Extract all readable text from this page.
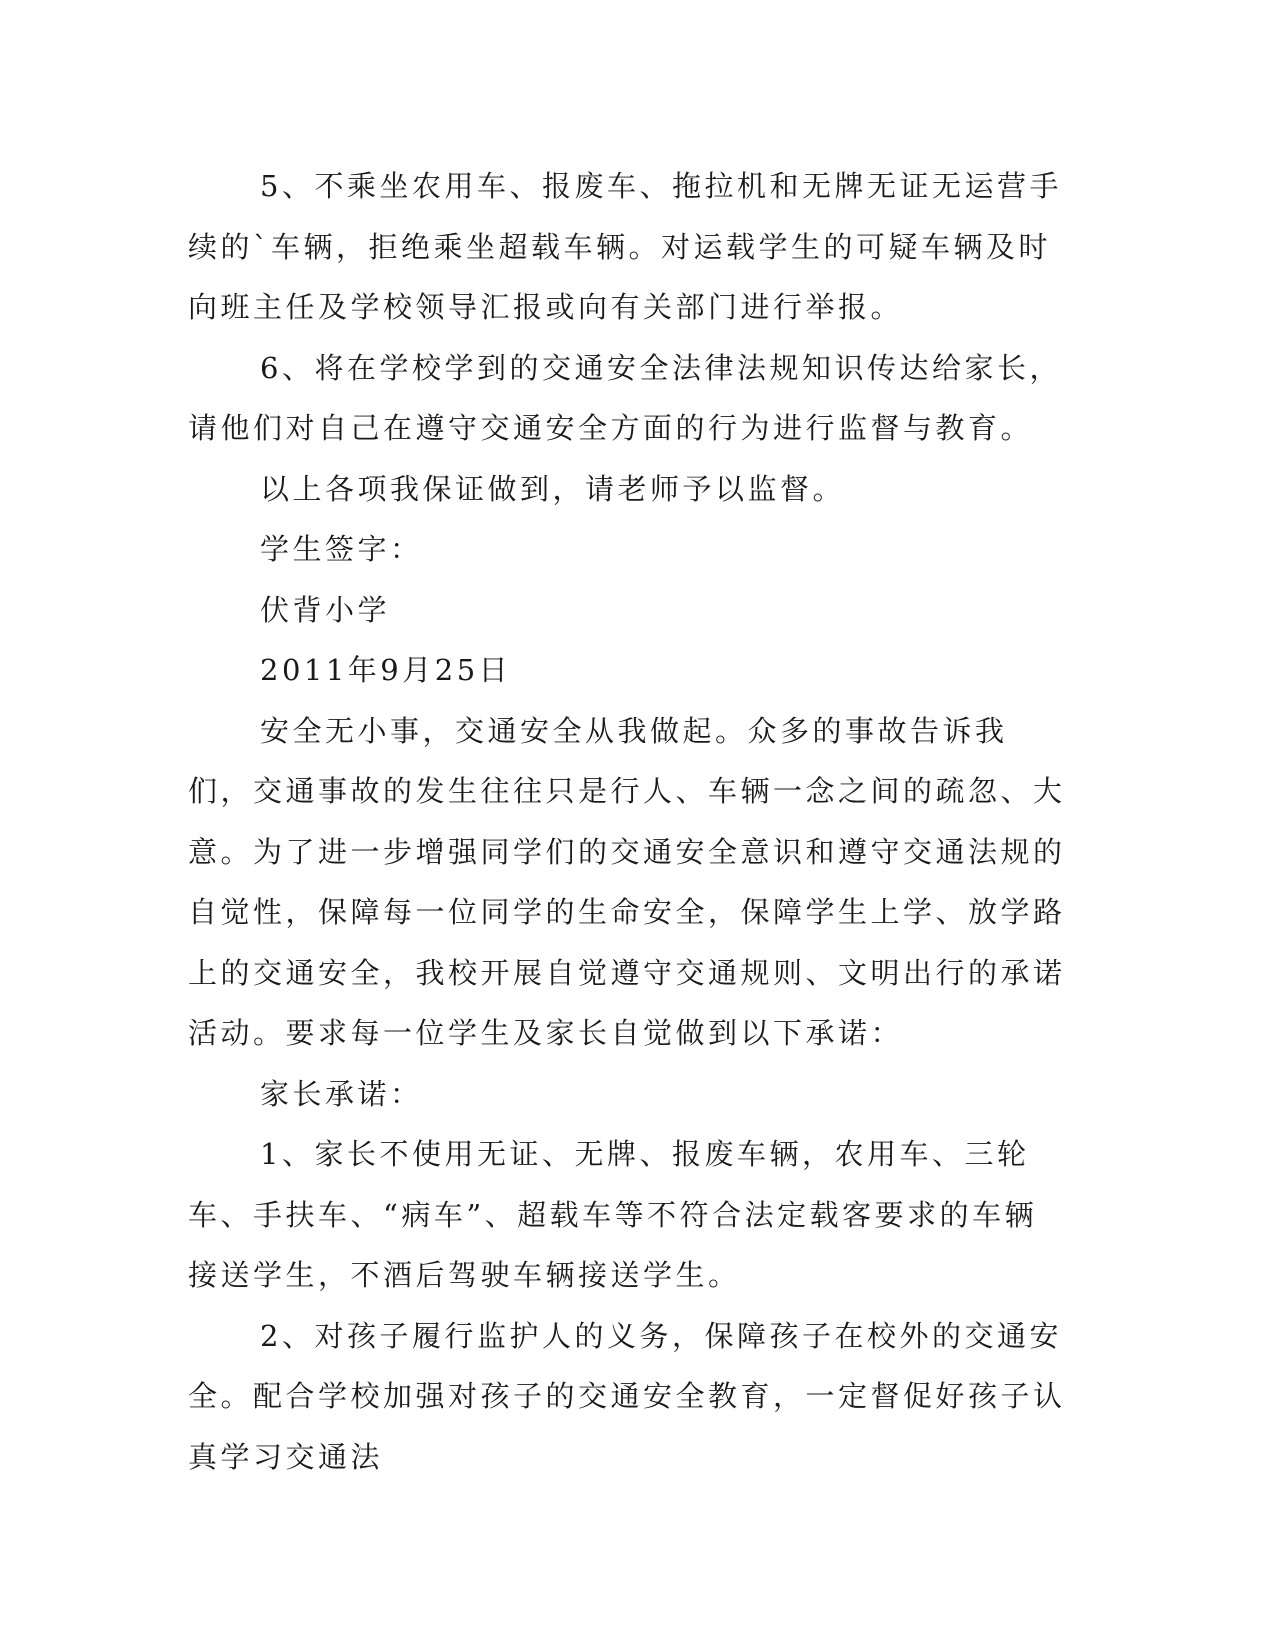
5、不乘坐农用车、报废车、拖拉机和无牌无证无运营手续的`车辆，拒绝乘坐超载车辆。对运载学生的可疑车辆及时向班主任及学校领导汇报或向有关部门进行举报。

6、将在学校学到的交通安全法律法规知识传达给家长，请他们对自己在遵守交通安全方面的行为进行监督与教育。

以上各项我保证做到，请老师予以监督。

学生签字：

伏背小学

2011年9月25日

安全无小事，交通安全从我做起。众多的事故告诉我们，交通事故的发生往往只是行人、车辆一念之间的疏忽、大意。为了进一步增强同学们的交通安全意识和遵守交通法规的自觉性，保障每一位同学的生命安全，保障学生上学、放学路上的交通安全，我校开展自觉遵守交通规则、文明出行的承诺活动。要求每一位学生及家长自觉做到以下承诺：

家长承诺：

1、家长不使用无证、无牌、报废车辆，农用车、三轮车、手扶车、“病车”、超载车等不符合法定载客要求的车辆接送学生，不酒后驾驶车辆接送学生。

2、对孩子履行监护人的义务，保障孩子在校外的交通安全。配合学校加强对孩子的交通安全教育，一定督促好孩子认真学习交通法
